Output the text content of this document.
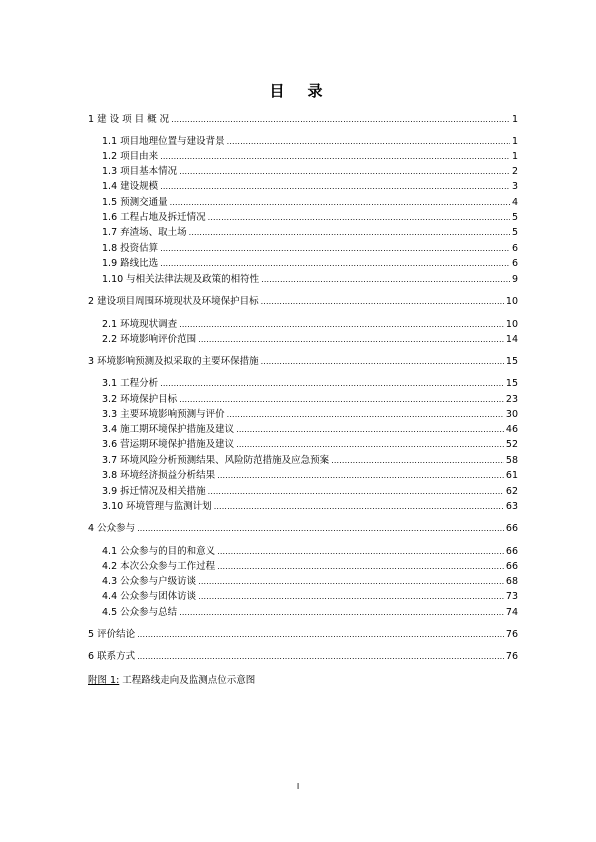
目　录
附图 1: 工程路线走向及监测点位示意图
I
1 建 设 项 目 概 况 . . .	1
1.1 项目地理位置与建设背景 . . .	1
1.2 项目由来 . . .	1
1.3 项目基本情况 . . .	2
1.4 建设规模 . . .	3
1.5 预测交通量 . . .	4
1.6 工程占地及拆迁情况 . . .	5
1.7 弃渣场、取土场 . . .	5
1.8 投资估算 . . .	6
1.9 路线比选 . . .	6
1.10 与相关法律法规及政策的相符性 . . .	9
2 建设项目周围环境现状及环境保护目标 . . .	10
2.1 环境现状调查 . . .	10
2.2 环境影响评价范围 . . .	14
3 环境影响预测及拟采取的主要环保措施 . . .	15
3.1 工程分析 . . .	15
3.2 环境保护目标 . . .	23
3.3 主要环境影响预测与评价 . . .	30
3.4 施工期环境保护措施及建议 . . .	46
3.6 营运期环境保护措施及建议 . . .	52
3.7 环境风险分析预测结果、风险防范措施及应急预案 . . .	58
3.8 环境经济损益分析结果 . . .	61
3.9 拆迁情况及相关措施 . . .	62
3.10 环境管理与监测计划 . . .	63
4 公众参与 . . .	66
4.1 公众参与的目的和意义 . . .	66
4.2 本次公众参与工作过程 . . .	66
4.3 公众参与户级访谈 . . .	68
4.4 公众参与团体访谈 . . .	73
4.5 公众参与总结 . . .	74
5 评价结论 . . .	76
6 联系方式 . . .	76
